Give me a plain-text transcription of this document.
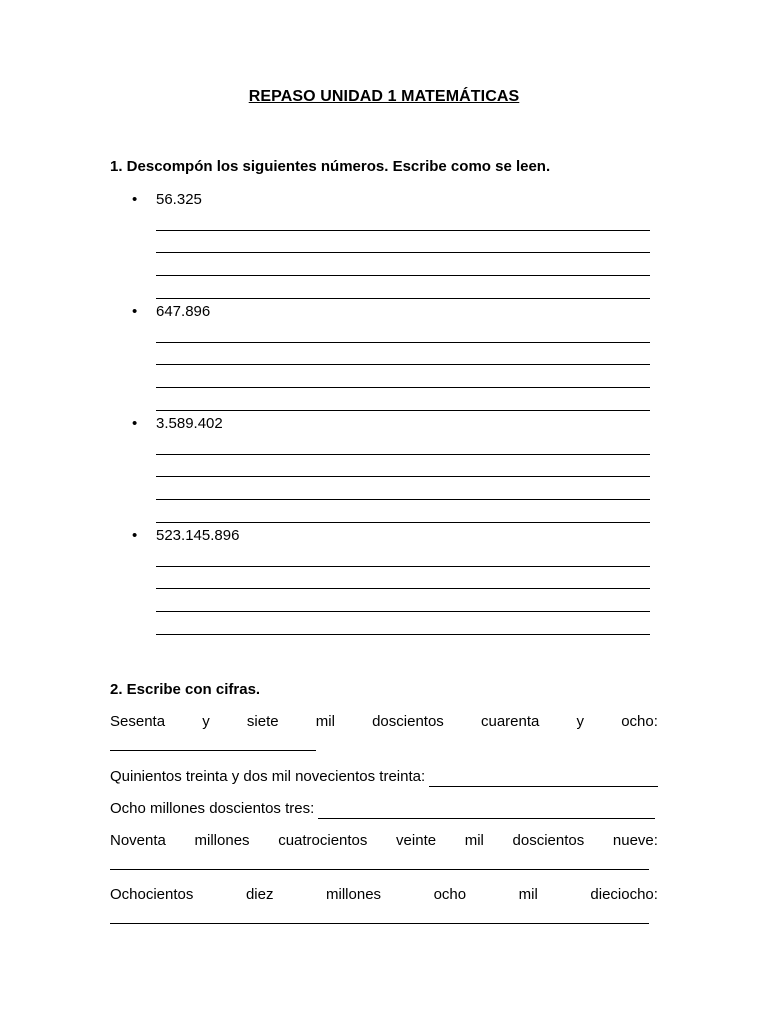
REPASO UNIDAD 1 MATEMÁTICAS
1. Descompón los siguientes números. Escribe como se leen.
• 56.325
• 647.896
• 3.589.402
• 523.145.896
2. Escribe con cifras.
Sesenta y siete mil doscientos cuarenta y ocho:
Quinientos treinta y dos mil novecientos treinta:
Ocho millones doscientos tres:
Noventa millones cuatrocientos veinte mil doscientos nueve:
Ochocientos	diez	millones	ocho	mil	dieciocho:
